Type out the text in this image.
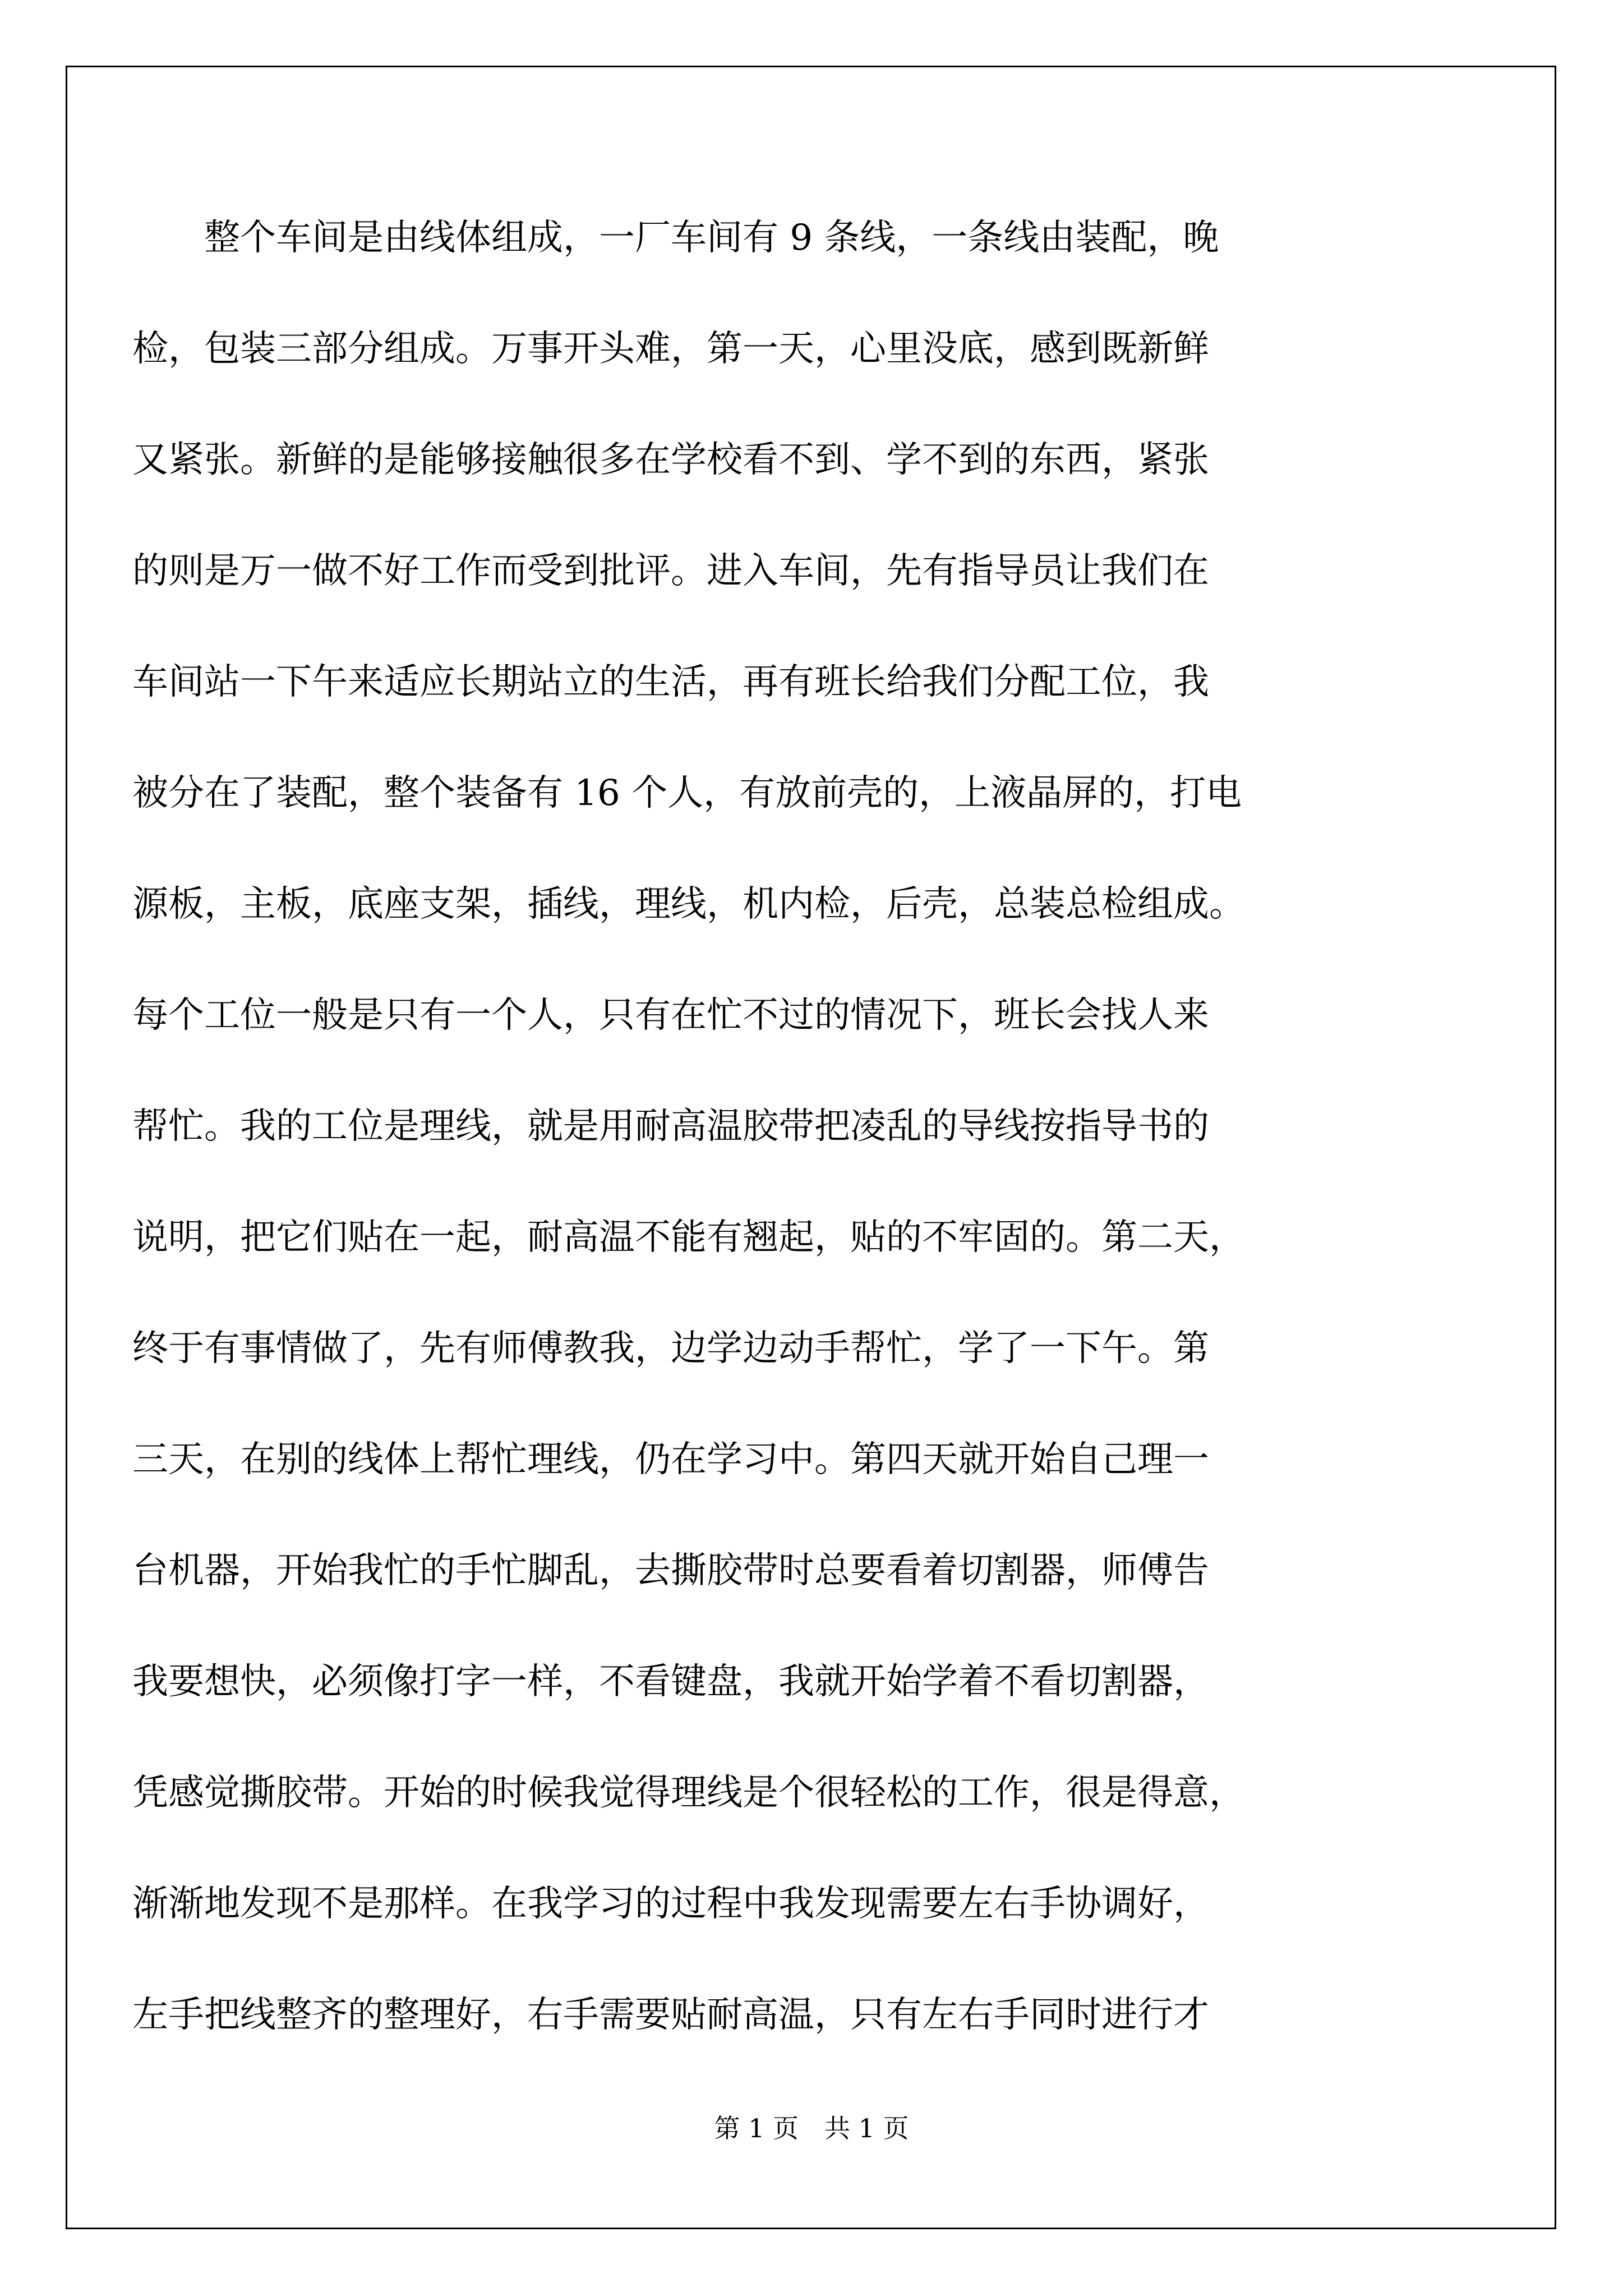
　　整个车间是由线体组成，一厂车间有 9 条线，一条线由装配，晚
检，包装三部分组成。万事开头难，第一天，心里没底，感到既新鲜
又紧张。新鲜的是能够接触很多在学校看不到、学不到的东西，紧张
的则是万一做不好工作而受到批评。进入车间，先有指导员让我们在
车间站一下午来适应长期站立的生活，再有班长给我们分配工位，我
被分在了装配，整个装备有 16 个人，有放前壳的，上液晶屏的，打电
源板，主板，底座支架，插线，理线，机内检，后壳，总装总检组成。
每个工位一般是只有一个人，只有在忙不过的情况下，班长会找人来
帮忙。我的工位是理线，就是用耐高温胶带把凌乱的导线按指导书的
说明，把它们贴在一起，耐高温不能有翘起，贴的不牢固的。第二天，
终于有事情做了，先有师傅教我，边学边动手帮忙，学了一下午。第
三天，在别的线体上帮忙理线，仍在学习中。第四天就开始自己理一
台机器，开始我忙的手忙脚乱，去撕胶带时总要看着切割器，师傅告
我要想快，必须像打字一样，不看键盘，我就开始学着不看切割器，
凭感觉撕胶带。开始的时候我觉得理线是个很轻松的工作，很是得意，
渐渐地发现不是那样。在我学习的过程中我发现需要左右手协调好，
左手把线整齐的整理好，右手需要贴耐高温，只有左右手同时进行才
第 1 页　共 1 页
